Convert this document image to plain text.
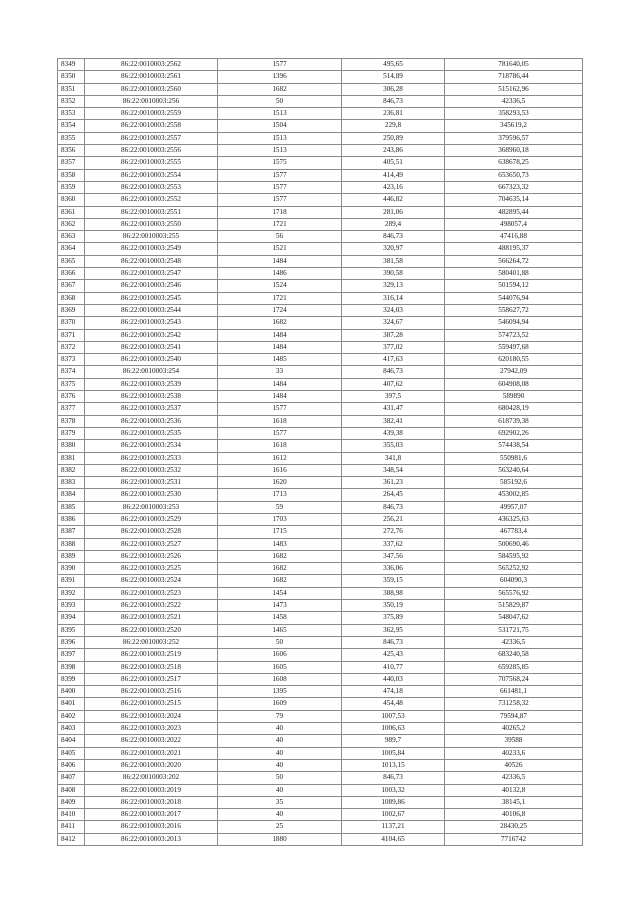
8349	86:22:0010003:2562	1577	495,65	781640,05
8350	86:22:0010003:2561	1396	514,89	718786,44
8351	86:22:0010003:2560	1682	306,28	515162,96
8352	86:22:0010003:256	50	846,73	42336,5
8353	86:22:0010003:2559	1513	236,81	358293,53
8354	86:22:0010003:2558	1504	229,8	345619,2
8355	86:22:0010003:2557	1513	250,89	379596,57
8356	86:22:0010003:2556	1513	243,86	368960,18
8357	86:22:0010003:2555	1575	405,51	638678,25
8358	86:22:0010003:2554	1577	414,49	653650,73
8359	86:22:0010003:2553	1577	423,16	667323,32
8360	86:22:0010003:2552	1577	446,82	704635,14
8361	86:22:0010003:2551	1718	281,06	482895,44
8362	86:22:0010003:2550	1721	289,4	498057,4
8363	86:22:0010003:255	56	846,73	47416,88
8364	86:22:0010003:2549	1521	320,97	488195,37
8365	86:22:0010003:2548	1484	381,58	566264,72
8366	86:22:0010003:2547	1486	390,58	580401,88
8367	86:22:0010003:2546	1524	329,13	501594,12
8368	86:22:0010003:2545	1721	316,14	544076,94
8369	86:22:0010003:2544	1724	324,03	558627,72
8370	86:22:0010003:2543	1682	324,67	546094,94
8371	86:22:0010003:2542	1484	387,28	574723,52
8372	86:22:0010003:2541	1484	377,02	559497,68
8373	86:22:0010003:2540	1485	417,63	620180,55
8374	86:22:0010003:254	33	846,73	27942,09
8375	86:22:0010003:2539	1484	407,62	604908,08
8376	86:22:0010003:2538	1484	397,5	589890
8377	86:22:0010003:2537	1577	431,47	680428,19
8378	86:22:0010003:2536	1618	382,41	618739,38
8379	86:22:0010003:2535	1577	439,38	692902,26
8380	86:22:0010003:2534	1618	355,03	574438,54
8381	86:22:0010003:2533	1612	341,8	550981,6
8382	86:22:0010003:2532	1616	348,54	563240,64
8383	86:22:0010003:2531	1620	361,23	585192,6
8384	86:22:0010003:2530	1713	264,45	453002,85
8385	86:22:0010003:253	59	846,73	49957,07
8386	86:22:0010003:2529	1703	256,21	436325,63
8387	86:22:0010003:2528	1715	272,76	467783,4
8388	86:22:0010003:2527	1483	337,62	500690,46
8389	86:22:0010003:2526	1682	347,56	584595,92
8390	86:22:0010003:2525	1682	336,06	565252,92
8391	86:22:0010003:2524	1682	359,15	604090,3
8392	86:22:0010003:2523	1454	388,98	565576,92
8393	86:22:0010003:2522	1473	350,19	515829,87
8394	86:22:0010003:2521	1458	375,89	548047,62
8395	86:22:0010003:2520	1465	362,95	531721,75
8396	86:22:0010003:252	50	846,73	42336,5
8397	86:22:0010003:2519	1606	425,43	683240,58
8398	86:22:0010003:2518	1605	410,77	659285,85
8399	86:22:0010003:2517	1608	440,03	707568,24
8400	86:22:0010003:2516	1395	474,18	661481,1
8401	86:22:0010003:2515	1609	454,48	731258,32
8402	86:22:0010003:2024	79	1007,53	79594,87
8403	86:22:0010003:2023	40	1006,63	40265,2
8404	86:22:0010003:2022	40	989,7	39588
8405	86:22:0010003:2021	40	1005,84	40233,6
8406	86:22:0010003:2020	40	1013,15	40526
8407	86:22:0010003:202	50	846,73	42336,5
8408	86:22:0010003:2019	40	1003,32	40132,8
8409	86:22:0010003:2018	35	1089,86	38145,1
8410	86:22:0010003:2017	40	1002,67	40106,8
8411	86:22:0010003:2016	25	1137,21	28430,25
8412	86:22:0010003:2013	1880	4104,65	7716742
